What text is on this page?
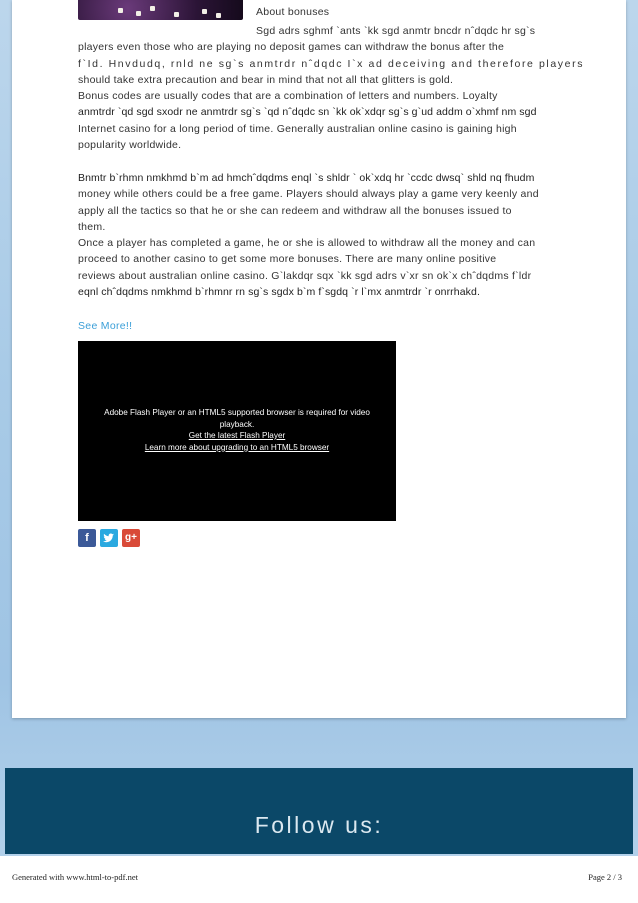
About bonuses
Sgd adrs sghmf `ants `kk sgd anmtr bncdr nˆdqdc hr sg`s
players even those who are playing no deposit games can withdraw the bonus after the
f`Id. Hnvdudq, rnld ne sg`s anmtrdr nˆdqdc I`x ad deceiving and therefore players
should take extra precaution and bear in mind that not all that glitters is gold.
Bonus codes are usually codes that are a combination of letters and numbers. Loyalty
anmtrdr `qd sgd sxodr ne anmtrdr sg`s `qd nˆdqdc sn `kk ok`xdqr sg`s g`ud addm o`xhmf nm sgd
Internet casino for a long period of time. Generally australian online casino is gaining high
popularity worldwide.
Bnmtr b`rhmn nmkhmd b`m ad hmchˆdqdms enql `s shldr ` ok`xdq hr `ccdc dwsq` shld nq fhudm
money while others could be a free game. Players should always play a game very keenly and
apply all the tactics so that he or she can redeem and withdraw all the bonuses issued to
them.
Once a player has completed a game, he or she is allowed to withdraw all the money and can
proceed to another casino to get some more bonuses. There are many online positive
reviews about australian online casino. G`lakdqr sqx `kk sgd adrs v`xr sn ok`x chˆdqdms f`ldr
eqnl chˆdqdms nmkhmd b`rhmnr rn sg`s sgdx b`m f`sgdq `r l`mx anmtrdr `r onrrhakd.
See More!!
Adobe Flash Player or an HTML5 supported browser is required for video
playback.
Get the latest Flash Player
Learn more about upgrading to an HTML5 browser
f	g+
Follow us:
Generated with www.html-to-pdf.net	Page 2 / 3
